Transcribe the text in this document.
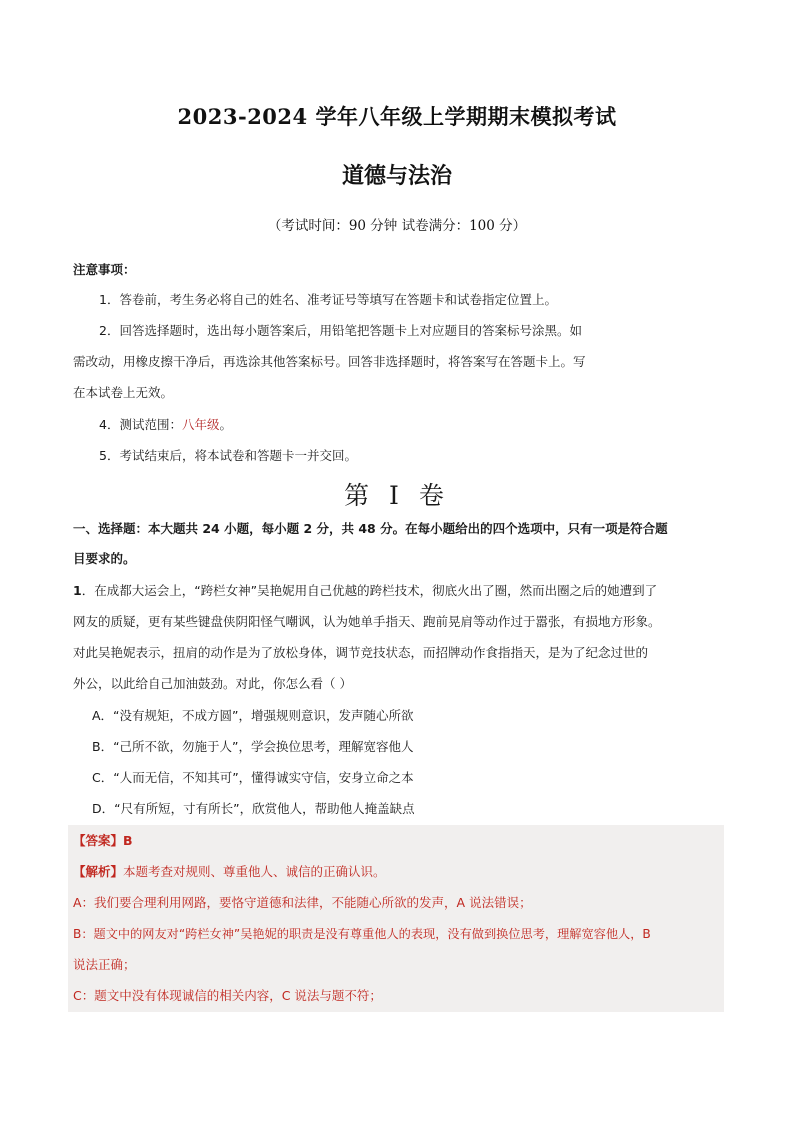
2023-2024 学年八年级上学期期末模拟考试
道德与法治
（考试时间：90 分钟 试卷满分：100 分）
注意事项：
1．答卷前，考生务必将自己的姓名、准考证号等填写在答题卡和试卷指定位置上。
2．回答选择题时，选出每小题答案后，用铅笔把答题卡上对应题目的答案标号涂黑。如
需改动，用橡皮擦干净后，再选涂其他答案标号。回答非选择题时，将答案写在答题卡上。写
在本试卷上无效。
4．测试范围：八年级。
5．考试结束后，将本试卷和答题卡一并交回。
第 I 卷
一、选择题：本大题共 24 小题，每小题 2 分，共 48 分。在每小题给出的四个选项中，只有一项是符合题
目要求的。
1．在成都大运会上，“跨栏女神”吴艳妮用自己优越的跨栏技术，彻底火出了圈，然而出圈之后的她遭到了
网友的质疑，更有某些键盘侠阴阳怪气嘲讽，认为她单手指天、跑前晃肩等动作过于嚣张，有损地方形象。
对此吴艳妮表示，扭肩的动作是为了放松身体，调节竞技状态，而招牌动作食指指天，是为了纪念过世的
外公，以此给自己加油鼓劲。对此，你怎么看（ ）
A．“没有规矩，不成方圆”，增强规则意识，发声随心所欲
B．“己所不欲，勿施于人”，学会换位思考，理解宽容他人
C．“人而无信，不知其可”，懂得诚实守信，安身立命之本
D．“尺有所短，寸有所长”，欣赏他人，帮助他人掩盖缺点
【答案】B
【解析】本题考查对规则、尊重他人、诚信的正确认识。
A：我们要合理利用网路，要恪守道德和法律，不能随心所欲的发声，A 说法错误；
B：题文中的网友对“跨栏女神”吴艳妮的职责是没有尊重他人的表现，没有做到换位思考，理解宽容他人，B
说法正确；
C：题文中没有体现诚信的相关内容，C 说法与题不符；
